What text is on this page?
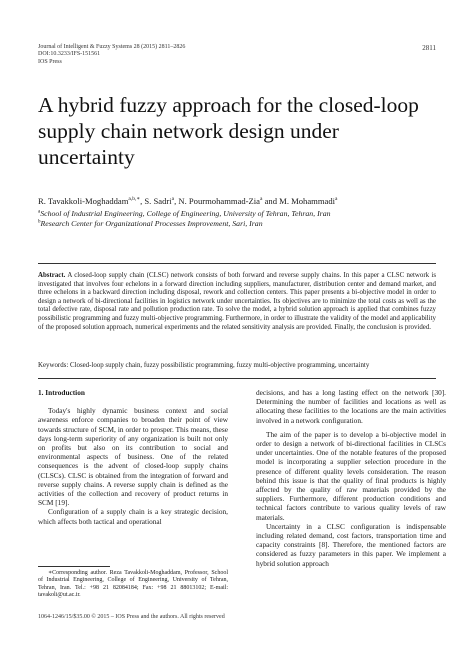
Journal of Intelligent & Fuzzy Systems 28 (2015) 2811–2826
DOI:10.3233/IFS-151561
IOS Press
2811
A hybrid fuzzy approach for the closed-loop supply chain network design under uncertainty
R. Tavakkoli-Moghaddam$^{a,b,∗}$, S. Sadri$^a$, N. Pourmohammad-Zia$^a$ and M. Mohammadi$^a$
$^a$School of Industrial Engineering, College of Engineering, University of Tehran, Tehran, Iran
$^b$Research Center for Organizational Processes Improvement, Sari, Iran

Abstract. A closed-loop supply chain (CLSC) network consists of both forward and reverse supply chains. In this paper a CLSC network is investigated that involves four echelons in a forward direction including suppliers, manufacturer, distribution center and demand market, and three echelons in a backward direction including disposal, rework and collection centers. This paper presents a bi-objective model in order to design a network of bi-directional facilities in logistics network under uncertainties. Its objectives are to minimize the total costs as well as the total defective rate, disposal rate and pollution production rate. To solve the model, a hybrid solution approach is applied that combines fuzzy possibilistic programming and fuzzy multi-objective programming. Furthermore, in order to illustrate the validity of the model and applicability of the proposed solution approach, numerical experiments and the related sensitivity analysis are provided. Finally, the conclusion is provided.

Keywords: Closed-loop supply chain, fuzzy possibilistic programming, fuzzy multi-objective programming, uncertainty

1. Introduction

Today's highly dynamic business context and social awareness enforce companies to broaden their point of view towards structure of SCM, in order to prosper. This means, these days long-term superiority of any organization is built not only on profits but also on its contribution to social and environmental aspects of business. One of the related consequences is the advent of closed-loop supply chains (CLSCs). CLSC is obtained from the integration of forward and reverse supply chains. A reverse supply chain is defined as the activities of the collection and recovery of product returns in SCM [19].

Configuration of a supply chain is a key strategic decision, which affects both tactical and operational

decisions, and has a long lasting effect on the network [30]. Determining the number of facilities and locations as well as allocating these facilities to the locations are the main activities involved in a network configuration.

The aim of the paper is to develop a bi-objective model in order to design a network of bi-directional facilities in CLSCs under uncertainties. One of the notable features of the proposed model is incorporating a supplier selection procedure in the presence of different quality levels consideration. The reason behind this issue is that the quality of final products is highly affected by the quality of raw materials provided by the suppliers. Furthermore, different production conditions and technical factors contribute to various quality levels of raw materials.

Uncertainty in a CLSC configuration is indispensable including related demand, cost factors, transportation time and capacity constraints [8]. Therefore, the mentioned factors are considered as fuzzy parameters in this paper. We implement a hybrid solution approach

∗Corresponding author. Reza Tavakkoli-Moghaddam, Professor, School of Industrial Engineering, College of Engineering, University of Tehran, Tehran, Iran. Tel.: +98 21 82084184; Fax: +98 21 88013102; E-mail: tavakoli@ut.ac.ir.

1064-1246/15/$35.00 © 2015 – IOS Press and the authors. All rights reserved
